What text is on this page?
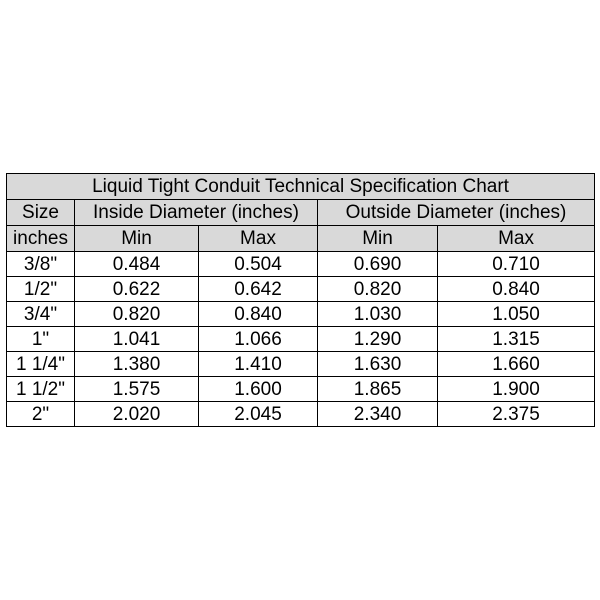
Liquid Tight Conduit Technical Specification Chart				
Size	Inside Diameter (inches)		Outside Diameter (inches)	
inches	Min	Max	Min	Max
3/8"	0.484	0.504	0.690	0.710
1/2"	0.622	0.642	0.820	0.840
3/4"	0.820	0.840	1.030	1.050
1"	1.041	1.066	1.290	1.315
1 1/4"	1.380	1.410	1.630	1.660
1 1/2"	1.575	1.600	1.865	1.900
2"	2.020	2.045	2.340	2.375
